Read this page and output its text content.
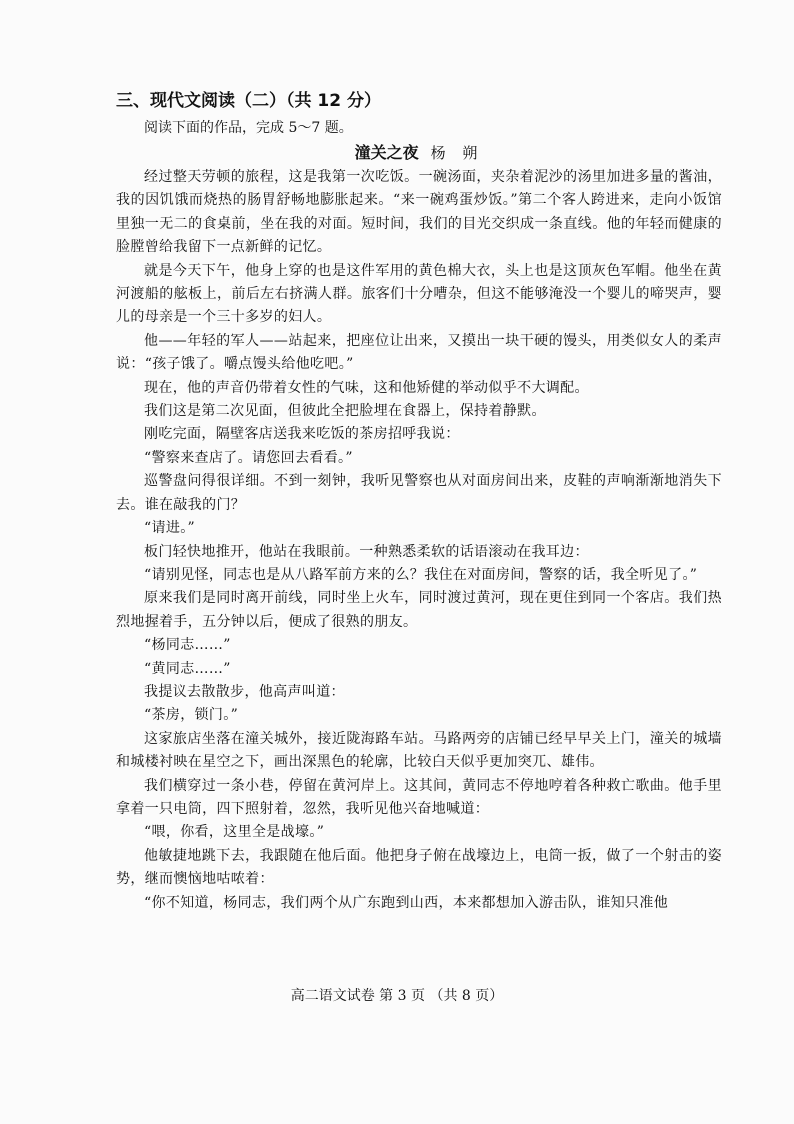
三、现代文阅读（二）（共 12 分）

阅读下面的作品，完成 5～7 题。

潼关之夜 杨 朔

经过整天劳顿的旅程，这是我第一次吃饭。一碗汤面，夹杂着泥沙的汤里加进多量的酱油，我的因饥饿而烧热的肠胃舒畅地膨胀起来。“来一碗鸡蛋炒饭。”第二个客人跨进来，走向小饭馆里独一无二的食桌前，坐在我的对面。短时间，我们的目光交织成一条直线。他的年轻而健康的脸膛曾给我留下一点新鲜的记忆。

就是今天下午，他身上穿的也是这件军用的黄色棉大衣，头上也是这顶灰色军帽。他坐在黄河渡船的舷板上，前后左右挤满人群。旅客们十分嘈杂，但这不能够淹没一个婴儿的啼哭声，婴儿的母亲是一个三十多岁的妇人。

他——年轻的军人——站起来，把座位让出来，又摸出一块干硬的馒头，用类似女人的柔声说：“孩子饿了。嚼点馒头给他吃吧。”

现在，他的声音仍带着女性的气味，这和他矫健的举动似乎不大调配。

我们这是第二次见面，但彼此全把脸埋在食器上，保持着静默。

刚吃完面，隔壁客店送我来吃饭的茶房招呼我说：

“警察来查店了。请您回去看看。”

巡警盘问得很详细。不到一刻钟，我听见警察也从对面房间出来，皮鞋的声响渐渐地消失下去。谁在敲我的门？

“请进。”

板门轻快地推开，他站在我眼前。一种熟悉柔软的话语滚动在我耳边：

“请别见怪，同志也是从八路军前方来的么？我住在对面房间，警察的话，我全听见了。”

原来我们是同时离开前线，同时坐上火车，同时渡过黄河，现在更住到同一个客店。我们热烈地握着手，五分钟以后，便成了很熟的朋友。

“杨同志……”

“黄同志……”

我提议去散散步，他高声叫道：

“茶房，锁门。”

这家旅店坐落在潼关城外，接近陇海路车站。马路两旁的店铺已经早早关上门，潼关的城墙和城楼衬映在星空之下，画出深黑色的轮廓，比较白天似乎更加突兀、雄伟。

我们横穿过一条小巷，停留在黄河岸上。这其间，黄同志不停地哼着各种救亡歌曲。他手里拿着一只电筒，四下照射着，忽然，我听见他兴奋地喊道：

“喂，你看，这里全是战壕。”

他敏捷地跳下去，我跟随在他后面。他把身子俯在战壕边上，电筒一扳，做了一个射击的姿势，继而懊恼地咕哝着：

“你不知道，杨同志，我们两个从广东跑到山西，本来都想加入游击队，谁知只准他

高二语文试卷 第 3 页 （共 8 页）
